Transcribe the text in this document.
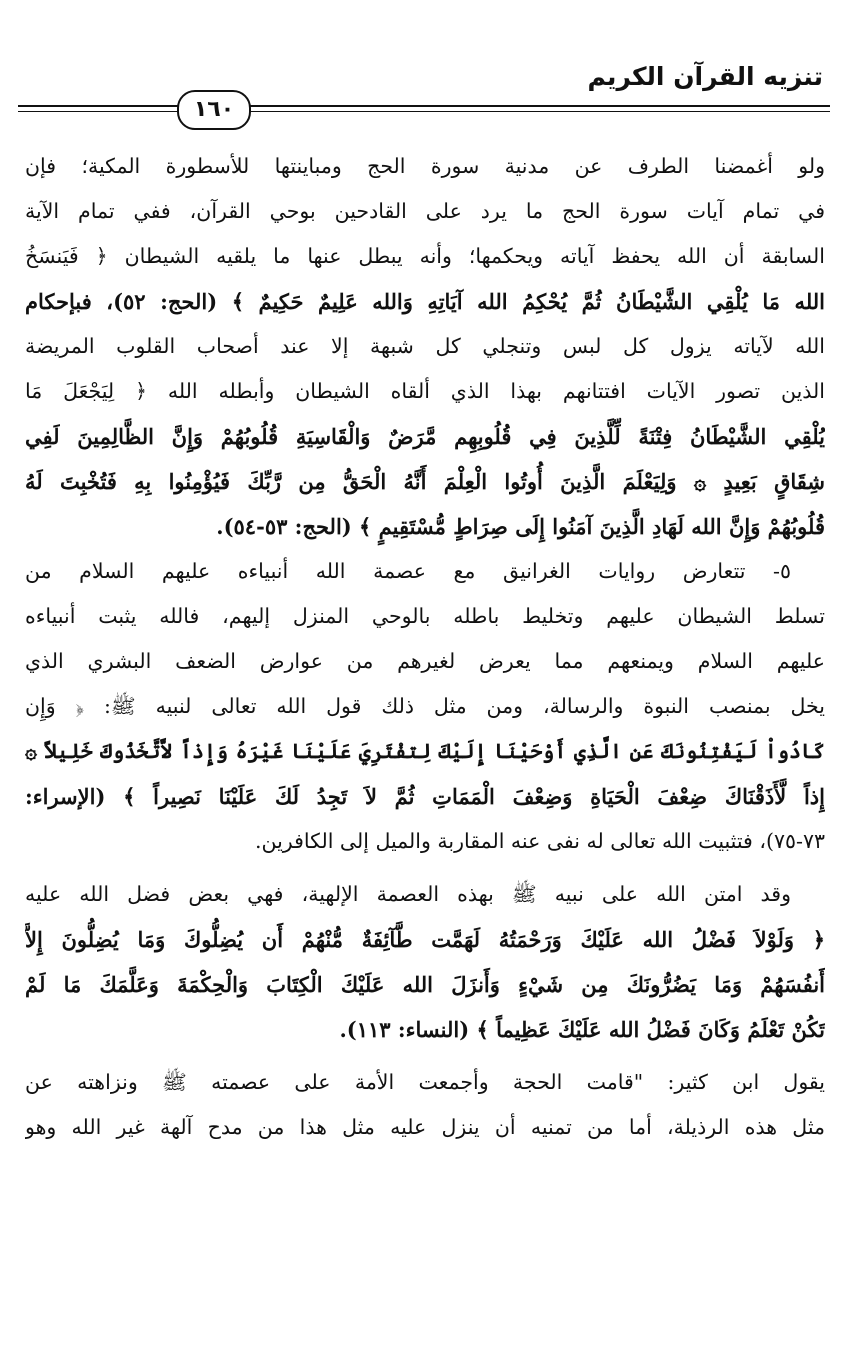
تنزيه القرآن الكريم
١٦٠
ولو أغمضنا الطرف عن مدنية سورة الحج ومباينتها للأسطورة المكية؛ فإن
في تمام آيات سورة الحج ما يرد على القادحين بوحي القرآن، ففي تمام الآية
السابقة أن الله يحفظ آياته ويحكمها؛ وأنه يبطل عنها ما يلقيه الشيطان ﴿ فَيَنسَخُ
الله مَا يُلْقِي الشَّيْطَانُ ثُمَّ يُحْكِمُ الله آيَاتِهِ وَالله عَلِيمٌ حَكِيمٌ ﴾ (الحج: ٥٢)، فبإحكام
الله لآياته يزول كل لبس وتنجلي كل شبهة إلا عند أصحاب القلوب المريضة
الذين تصور الآيات افتتانهم بهذا الذي ألقاه الشيطان وأبطله الله ﴿ لِيَجْعَلَ مَا
يُلْقِي الشَّيْطَانُ فِتْنَةً لِّلَّذِينَ فِي قُلُوبِهِم مَّرَضٌ وَالْقَاسِيَةِ قُلُوبُهُمْ وَإِنَّ الظَّالِمِينَ لَفِي
شِقَاقٍ بَعِيدٍ ۞ وَلِيَعْلَمَ الَّذِينَ أُوتُوا الْعِلْمَ أَنَّهُ الْحَقُّ مِن رَّبِّكَ فَيُؤْمِنُوا بِهِ فَتُخْبِتَ لَهُ
قُلُوبُهُمْ وَإِنَّ الله لَهَادِ الَّذِينَ آمَنُوا إِلَى صِرَاطٍ مُّسْتَقِيمٍ ﴾ (الحج: ٥٣-٥٤).
٥- تتعارض روايات الغرانيق مع عصمة الله أنبياءه عليهم السلام من
تسلط الشيطان عليهم وتخليط باطله بالوحي المنزل إليهم، فالله يثبت أنبياءه
عليهم السلام ويمنعهم مما يعرض لغيرهم من عوارض الضعف البشري الذي
يخل بمنصب النبوة والرسالة، ومن مثل ذلك قول الله تعالى لنبيه ﷺ: ﴿ وَإِن
كَادُواْ لَيَفْتِنُونَكَ عَنِ الَّذِي أَوْحَيْنَا إِلَيْكَ لِتفْتَرِيَ عَلَيْنَا غَيْرَهُ وَإِذاً لاَّتَّخَذُوكَ خَلِيلاً ۞
إِذاً لَّأَذَقْنَاكَ ضِعْفَ الْحَيَاةِ وَضِعْفَ الْمَمَاتِ ثُمَّ لاَ تَجِدُ لَكَ عَلَيْنَا نَصِيراً ﴾ (الإسراء:
٧٣-٧٥)، فتثبيت الله تعالى له نفى عنه المقاربة والميل إلى الكافرين.
وقد امتن الله على نبيه ﷺ بهذه العصمة الإلهية، فهي بعض فضل الله عليه
﴿ وَلَوْلاَ فَضْلُ الله عَلَيْكَ وَرَحْمَتُهُ لَهَمَّت طَّآئِفَةٌ مُّنْهُمْ أَن يُضِلُّوكَ وَمَا يُضِلُّونَ إِلاَّ
أَنفُسَهُمْ وَمَا يَضُرُّونَكَ مِن شَيْءٍ وَأَنزَلَ الله عَلَيْكَ الْكِتَابَ وَالْحِكْمَةَ وَعَلَّمَكَ مَا لَمْ
تَكُنْ تَعْلَمُ وَكَانَ فَضْلُ الله عَلَيْكَ عَظِيماً ﴾ (النساء: ١١٣).
يقول ابن كثير: "قامت الحجة وأجمعت الأمة على عصمته ﷺ ونزاهته عن
مثل هذه الرذيلة، أما من تمنيه أن ينزل عليه مثل هذا من مدح آلهة غير الله وهو
